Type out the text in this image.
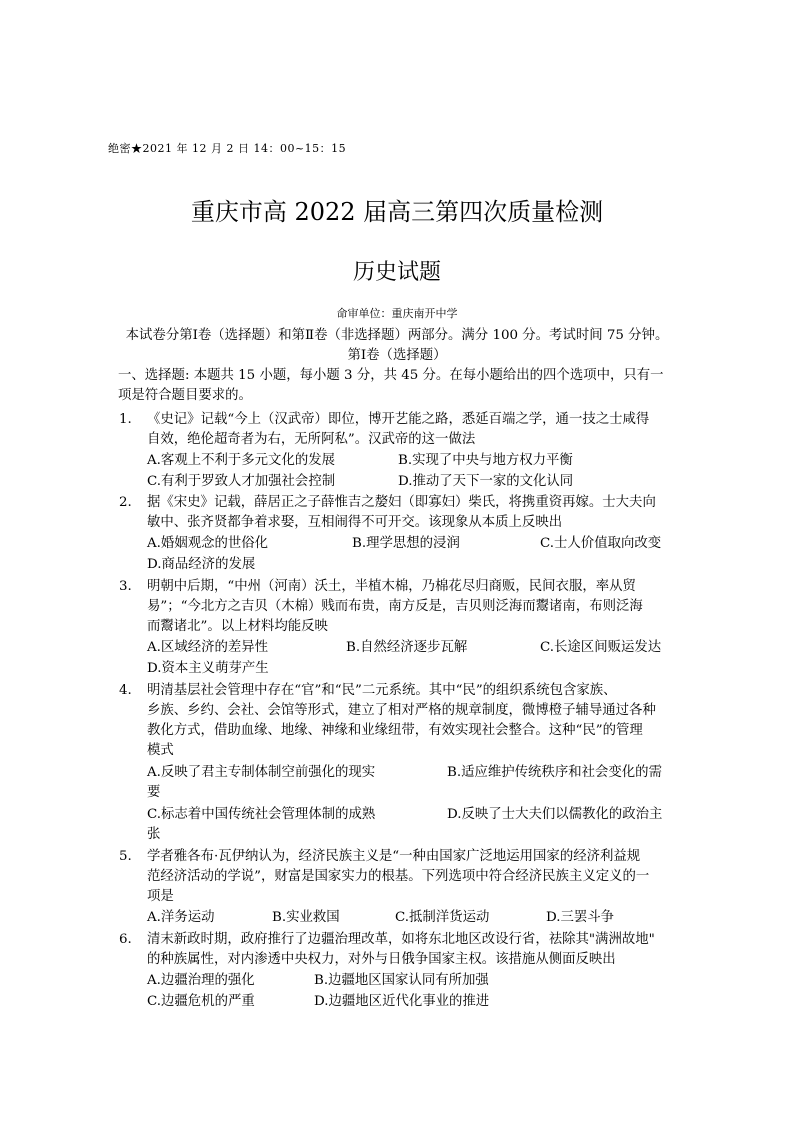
绝密★2021 年 12 月 2 日 14：00~15：15
重庆市高 2022 届高三第四次质量检测
历史试题
命审单位：重庆南开中学
本试卷分第Ⅰ卷（选择题）和第Ⅱ卷（非选择题）两部分。满分 100 分。考试时间 75 分钟。
第Ⅰ卷（选择题）
一、选择题: 本题共 15 小题，每小题 3 分，共 45 分。在每小题给出的四个选项中，只有一
项是符合题目要求的。
1. 《史记》记载“今上（汉武帝）即位，博开艺能之路，悉延百端之学，通一技之士咸得
自效，绝伦超奇者为右，无所阿私”。汉武帝的这一做法
A.客观上不利于多元文化的发展	B.实现了中央与地方权力平衡
C.有利于罗致人才加强社会控制	D.推动了天下一家的文化认同
2. 据《宋史》记载，薛居正之子薛惟吉之嫠妇（即寡妇）柴氏，将携重资再嫁。士大夫向
敏中、张齐贤都争着求娶，互相闹得不可开交。该现象从本质上反映出
A.婚姻观念的世俗化	B.理学思想的浸润	C.士人价值取向改变
D.商品经济的发展
3. 明朝中后期，“中州（河南）沃土，半植木棉，乃棉花尽归商贩，民间衣服，率从贸
易”；“今北方之吉贝（木棉）贱而布贵，南方反是，吉贝则泛海而鬻诸南，布则泛海
而鬻诸北”。以上材料均能反映
A.区域经济的差异性	B.自然经济逐步瓦解	C.长途区间贩运发达
D.资本主义萌芽产生
4. 明清基层社会管理中存在“官”和“民”二元系统。其中“民”的组织系统包含家族、
乡族、乡约、会社、会馆等形式，建立了相对严格的规章制度，微博橙子辅导通过各种
教化方式，借助血缘、地缘、神缘和业缘纽带，有效实现社会整合。这种“民”的管理
模式
A.反映了君主专制体制空前强化的现实	B.适应维护传统秩序和社会变化的需
要
C.标志着中国传统社会管理体制的成熟	D.反映了士大夫们以儒教化的政治主
张
5. 学者雅各布·瓦伊纳认为，经济民族主义是“一种由国家广泛地运用国家的经济利益规
范经济活动的学说”，财富是国家实力的根基。下列选项中符合经济民族主义定义的一
项是
A.洋务运动	B.实业救国	C.抵制洋货运动	D.三罢斗争
6. 清末新政时期，政府推行了边疆治理改革，如将东北地区改设行省，祛除其"满洲故地"
的种族属性，对内渗透中央权力，对外与日俄争国家主权。该措施从侧面反映出
A.边疆治理的强化	B.边疆地区国家认同有所加强
C.边疆危机的严重	D.边疆地区近代化事业的推进
